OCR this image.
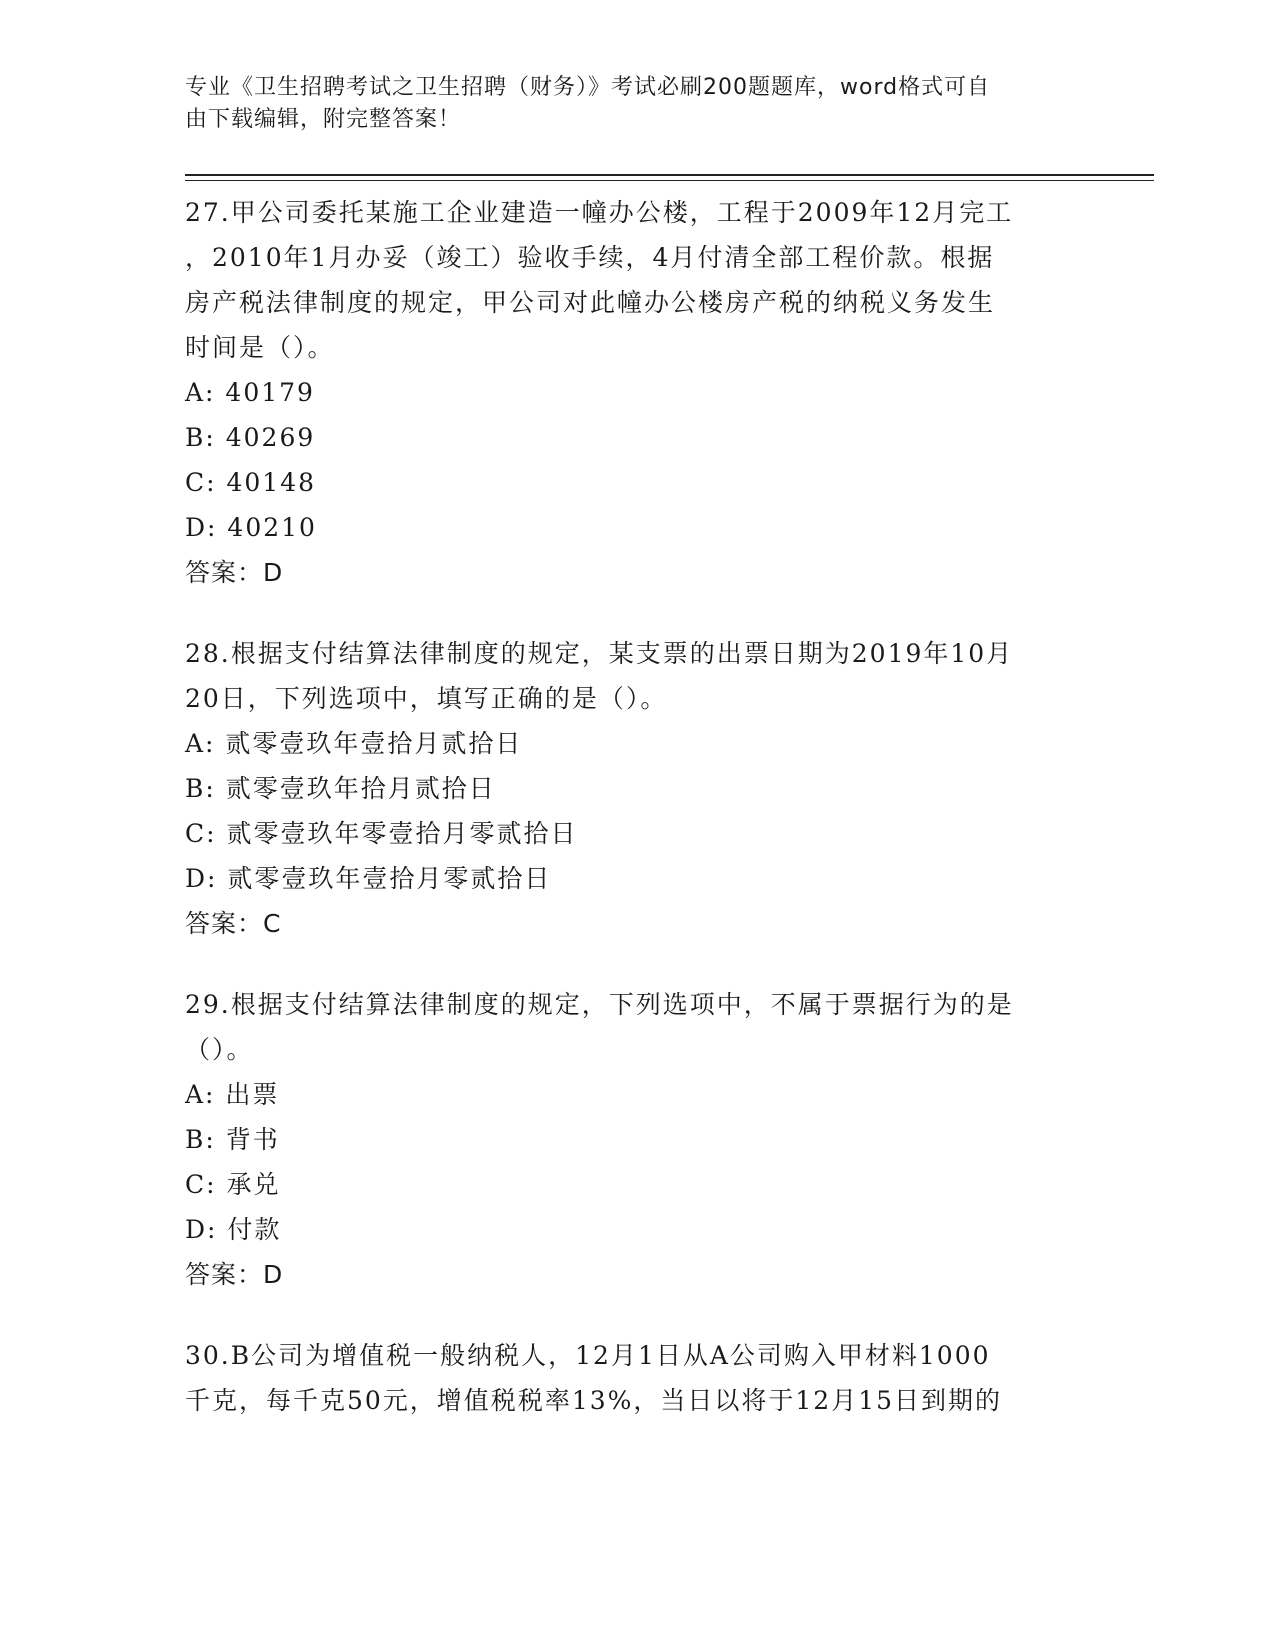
专业《卫生招聘考试之卫生招聘（财务）》考试必刷200题题库，word格式可自
由下载编辑，附完整答案！

27.甲公司委托某施工企业建造一幢办公楼，工程于2009年12月完工

，2010年1月办妥（竣工）验收手续，4月付清全部工程价款。根据

房产税法律制度的规定，甲公司对此幢办公楼房产税的纳税义务发生

时间是（）。

A: 40179

B: 40269

C: 40148

D: 40210

答案：D

28.根据支付结算法律制度的规定，某支票的出票日期为2019年10月

20日，下列选项中，填写正确的是（）。

A: 贰零壹玖年壹拾月贰拾日

B: 贰零壹玖年拾月贰拾日

C: 贰零壹玖年零壹拾月零贰拾日

D: 贰零壹玖年壹拾月零贰拾日

答案：C

29.根据支付结算法律制度的规定，下列选项中，不属于票据行为的是

（）。

A: 出票

B: 背书

C: 承兑

D: 付款

答案：D

30.B公司为增值税一般纳税人，12月1日从A公司购入甲材料1000

千克，每千克50元，增值税税率13%，当日以将于12月15日到期的
